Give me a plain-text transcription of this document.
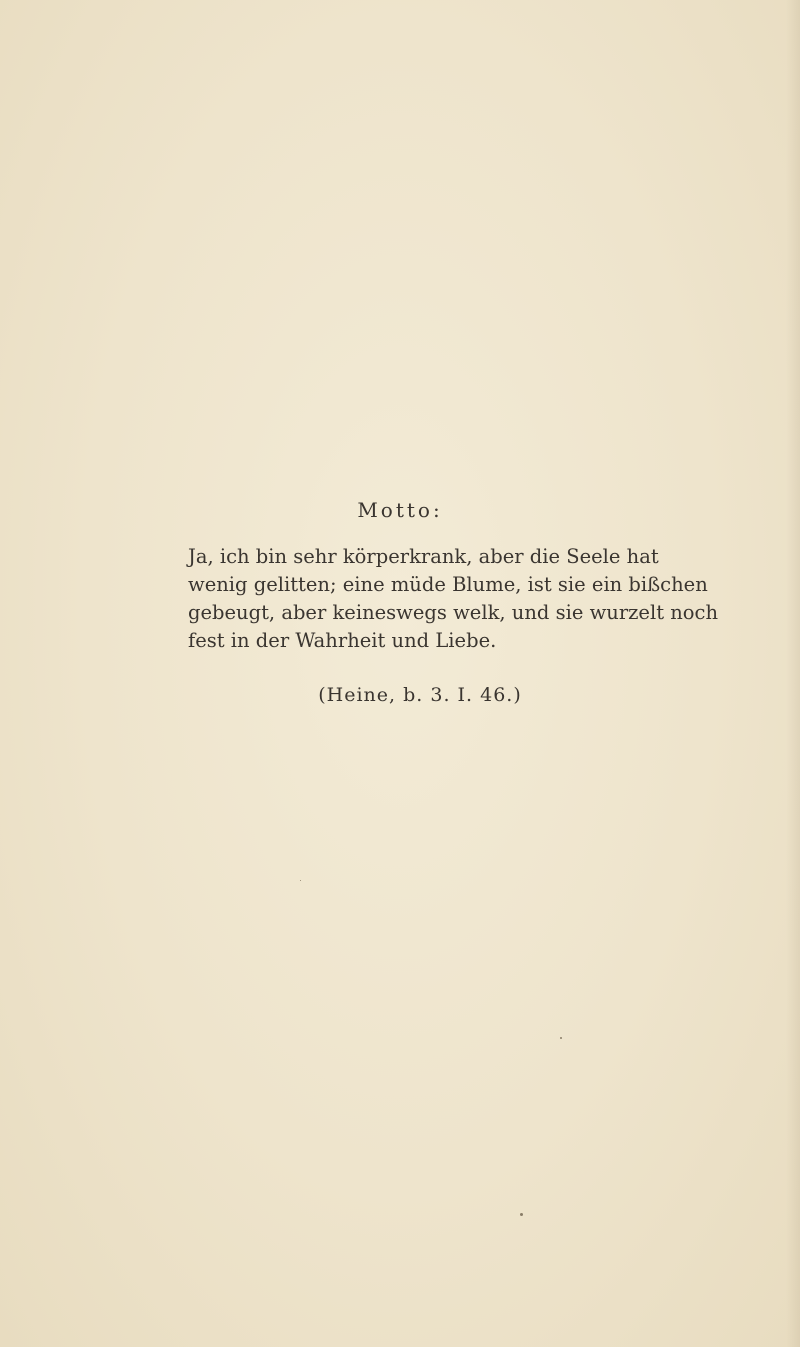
Motto:
Ja, ich bin sehr körperkrank, aber die Seele hat
wenig gelitten; eine müde Blume, ist sie ein bißchen
gebeugt, aber keineswegs welk, und sie wurzelt noch
fest in der Wahrheit und Liebe.
(Heine, b. 3. I. 46.)
